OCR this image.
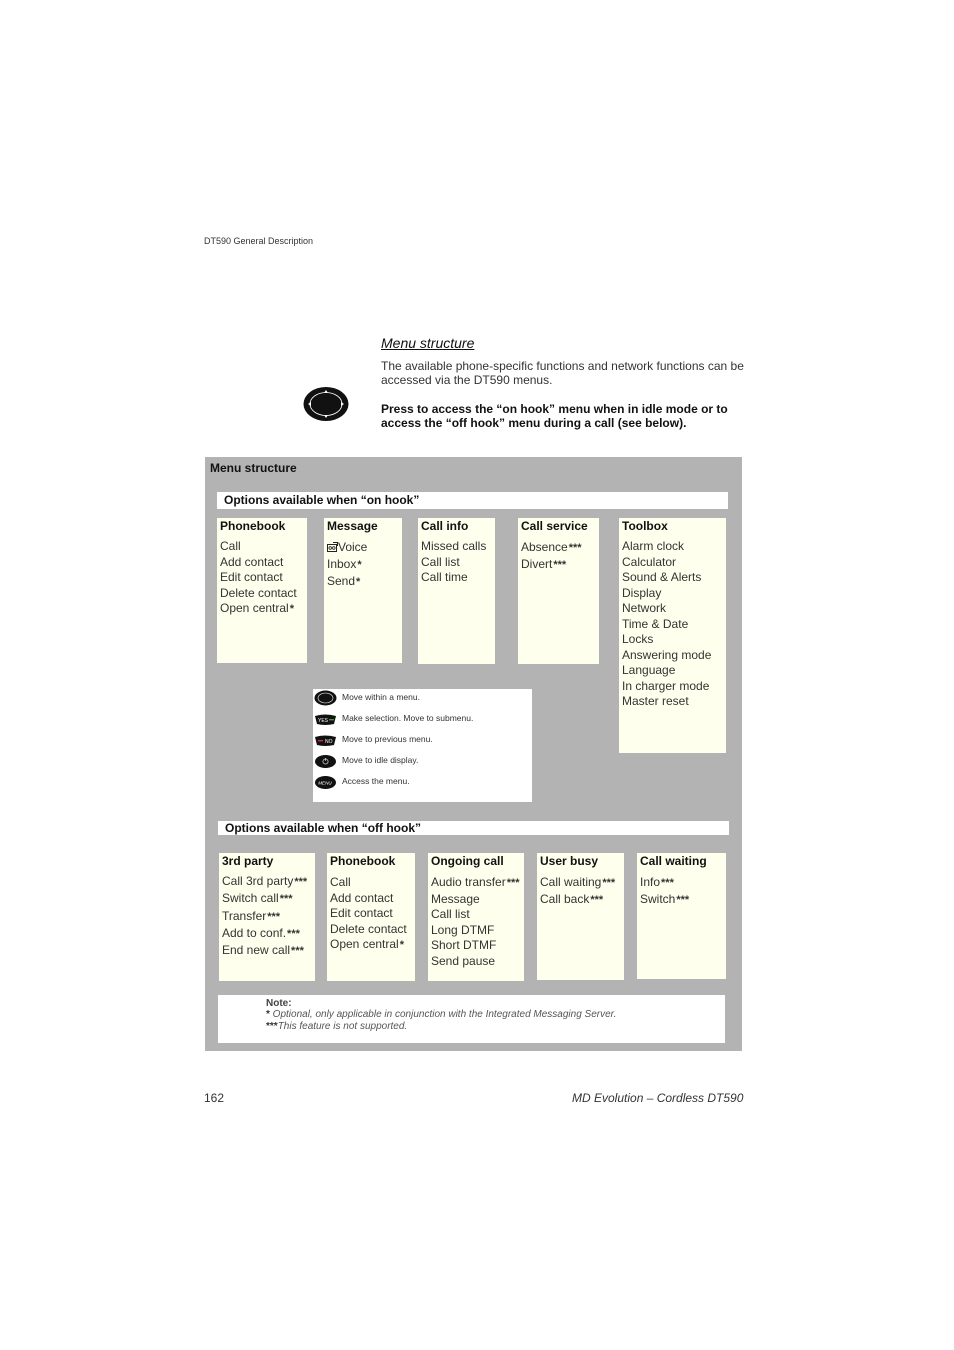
DT590 General Description
Menu structure
The available phone-specific functions and network functions can be accessed via the DT590 menus.
Press to access the “on hook” menu when in idle mode or to access the “off hook” menu during a call (see below).
Menu structure
Options available when “on hook”
Phonebook
Call
Add contact
Edit contact
Delete contact
Open central*
Message
Voice
Inbox*
Send*
Call info
Missed calls
Call list
Call time
Call service
Absence***
Divert***
Toolbox
Alarm clock
Calculator
Sound & Alerts
Display
Network
Time & Date
Locks
Answering mode
Language
In charger mode
Master reset
Move within a menu.
YES Make selection. Move to submenu.
NO Move to previous menu.
Move to idle display.
MENU Access the menu.
Options available when “off hook”
3rd party
Call 3rd party***
Switch call***
Transfer***
Add to conf.***
End new call***
Phonebook
Call
Add contact
Edit contact
Delete contact
Open central*
Ongoing call
Audio transfer***
Message
Call list
Long DTMF
Short DTMF
Send pause
User busy
Call waiting***
Call back***
Call waiting
Info***
Switch***
Note:
* Optional, only applicable in conjunction with the Integrated Messaging Server.
***This feature is not supported.
162	MD Evolution – Cordless DT590
